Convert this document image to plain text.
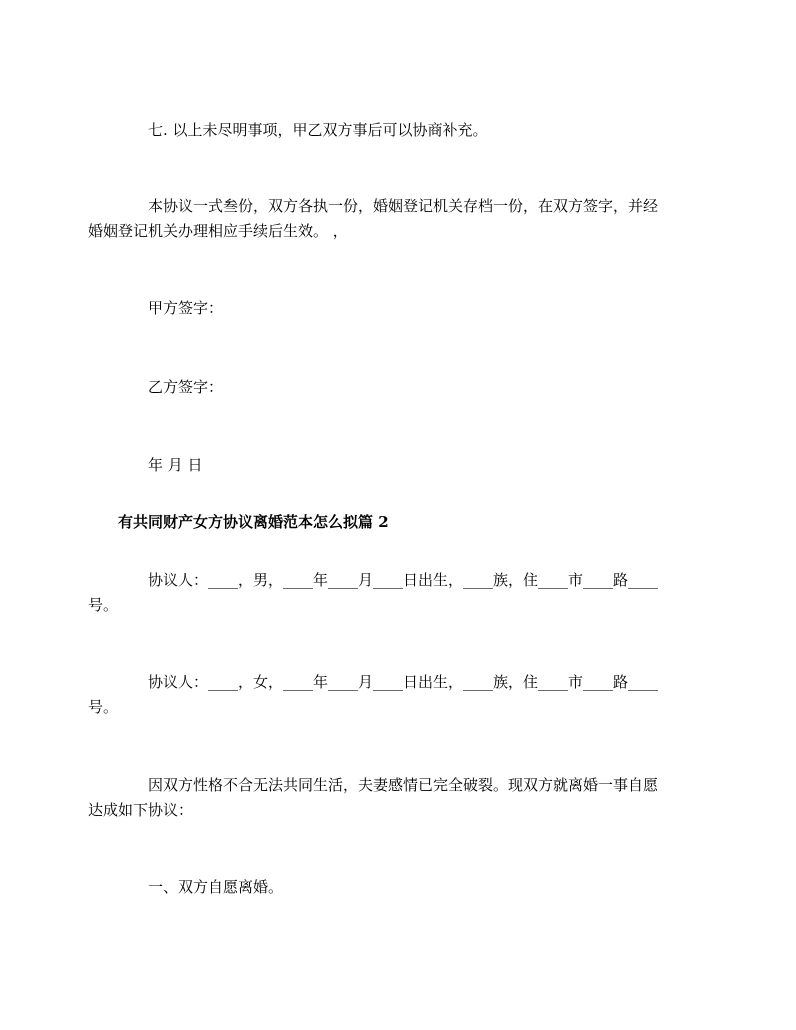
七. 以上未尽明事项，甲乙双方事后可以协商补充。

本协议一式叁份，双方各执一份，婚姻登记机关存档一份，在双方签字，并经
婚姻登记机关办理相应手续后生效。 ，

甲方签字：

乙方签字：

年 月 日

有共同财产女方协议离婚范本怎么拟篇 2

协议人：____，男，____年____月____日出生，____族，住____市____路____
号。

协议人：____，女，____年____月____日出生，____族，住____市____路____
号。

因双方性格不合无法共同生活，夫妻感情已完全破裂。现双方就离婚一事自愿
达成如下协议：

一、双方自愿离婚。
